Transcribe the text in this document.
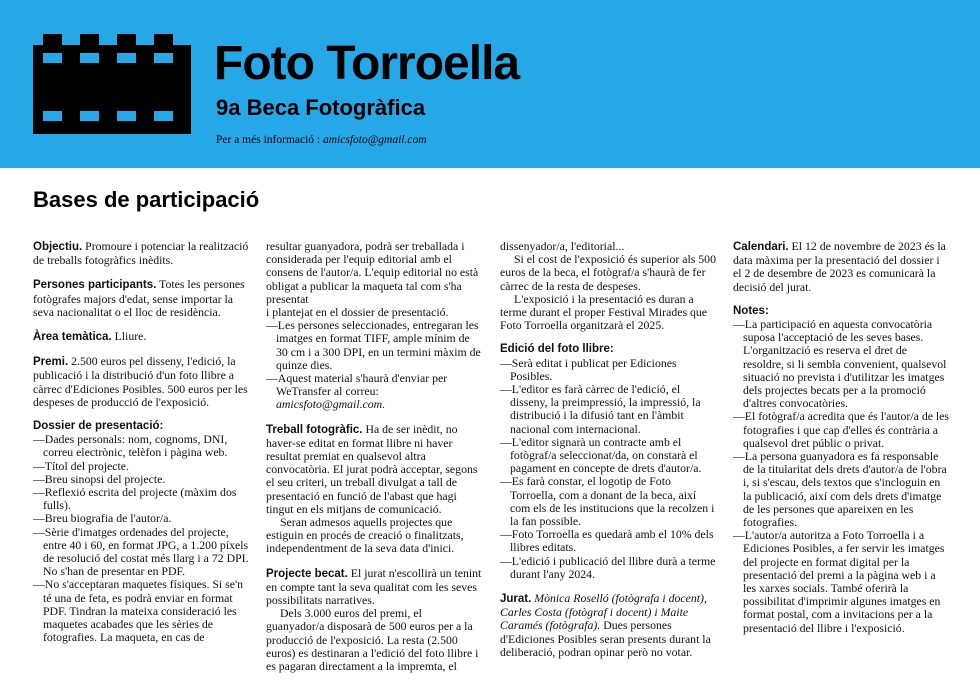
Foto Torroella
9a Beca Fotogràfica
Per a més informació : amicsfoto@gmail.com
Bases de participació

Objectiu. Promoure i potenciar la realització de treballs fotogràfics inèdits.

Persones participants. Totes les persones fotògrafes majors d'edat, sense importar la seva nacionalitat o el lloc de residència.

Àrea temàtica. Lliure.

Premi. 2.500 euros pel disseny, l'edició, la publicació i la distribució d'un foto llibre a càrrec d'Ediciones Posibles. 500 euros per les despeses de producció de l'exposició.

Dossier de presentació:
— Dades personals: nom, cognoms, DNI, correu electrònic, telèfon i pàgina web.
— Títol del projecte.
— Breu sinopsi del projecte.
— Reflexió escrita del projecte (màxim dos fulls).
— Breu biografia de l'autor/a.
— Sèrie d'imatges ordenades del projecte, entre 40 i 60, en format JPG, a 1.200 píxels de resolució del costat més llarg i a 72 DPI. No s'han de presentar en PDF.
— No s'acceptaran maquetes físiques. Si se'n té una de feta, es podrà enviar en format PDF. Tindran la mateixa consideració les maquetes acabades que les sèries de fotografies. La maqueta, en cas de

resultar guanyadora, podrà ser treballada i considerada per l'equip editorial amb el consens de l'autor/a. L'equip editorial no està obligat a publicar la maqueta tal com s'ha presentat

i plantejat en el dossier de presentació.

— Les persones seleccionades, entregaran les imatges en format TIFF, ample mínim de 30 cm i a 300 DPI, en un termini màxim de quinze dies.
— Aquest material s'haurà d'enviar per WeTransfer al correu: amicsfoto@gmail.com.

Treball fotogràfic. Ha de ser inèdit, no haver-se editat en format llibre ni haver resultat premiat en qualsevol altra convocatòria. El jurat podrà acceptar, segons el seu criteri, un treball divulgat a tall de presentació en funció de l'abast que hagi tingut en els mitjans de comunicació.

Seran admesos aquells projectes que estiguin en procés de creació o finalitzats, independentment de la seva data d'inici.

Projecte becat. El jurat n'escollirà un tenint en compte tant la seva qualitat com les seves possibilitats narratives.

Dels 3.000 euros del premi, el guanyador/a disposarà de 500 euros per a la producció de l'exposició. La resta (2.500 euros) es destinaran a l'edició del foto llibre i es pagaran directament a la impremta, el

dissenyador/a, l'editorial...

Si el cost de l'exposició és superior als 500 euros de la beca, el fotògraf/a s'haurà de fer càrrec de la resta de despeses.

L'exposició i la presentació es duran a terme durant el proper Festival Mirades que Foto Torroella organitzarà el 2025.

Edició del foto llibre:
— Serà editat i publicat per Ediciones Posibles.
— L'editor es farà càrrec de l'edició, el disseny, la preimpressió, la impressió, la distribució i la difusió tant en l'àmbit nacional com internacional.
— L'editor signarà un contracte amb el fotògraf/a seleccionat/da, on constarà el pagament en concepte de drets d'autor/a.
— Es farà constar, el logotip de Foto Torroella, com a donant de la beca, així com els de les institucions que la recolzen i la fan possible.
— Foto Torroella es quedarà amb el 10% dels llibres editats.
— L'edició i publicació del llibre durà a terme durant l'any 2024.

Jurat. Mònica Roselló (fotògrafa i docent), Carles Costa (fotògraf i docent) i Maite Caramés (fotògrafa). Dues persones d'Ediciones Posibles seran presents durant la deliberació, podran opinar però no votar.

Calendari. El 12 de novembre de 2023 és la data màxima per la presentació del dossier i el 2 de desembre de 2023 es comunicarà la decisió del jurat.

Notes:
— La participació en aquesta convocatòria suposa l'acceptació de les seves bases. L'organització es reserva el dret de resoldre, si li sembla convenient, qualsevol situació no prevista i d'utilitzar les imatges dels projectes becats per a la promoció d'altres convocatòries.
— El fotògraf/a acredita que és l'autor/a de les fotografies i que cap d'elles és contrària a qualsevol dret públic o privat.
— La persona guanyadora es fa responsable de la titularitat dels drets d'autor/a de l'obra i, si s'escau, dels textos que s'incloguin en la publicació, així com dels drets d'imatge de les persones que apareixen en les fotografies.
— L'autor/a autoritza a Foto Torroella i a Ediciones Posibles, a fer servir les imatges del projecte en format digital per la presentació del premi a la pàgina web i a les xarxes socials. També oferirà la possibilitat d'imprimir algunes imatges en format postal, com a invitacions per a la presentació del llibre i l'exposició.
